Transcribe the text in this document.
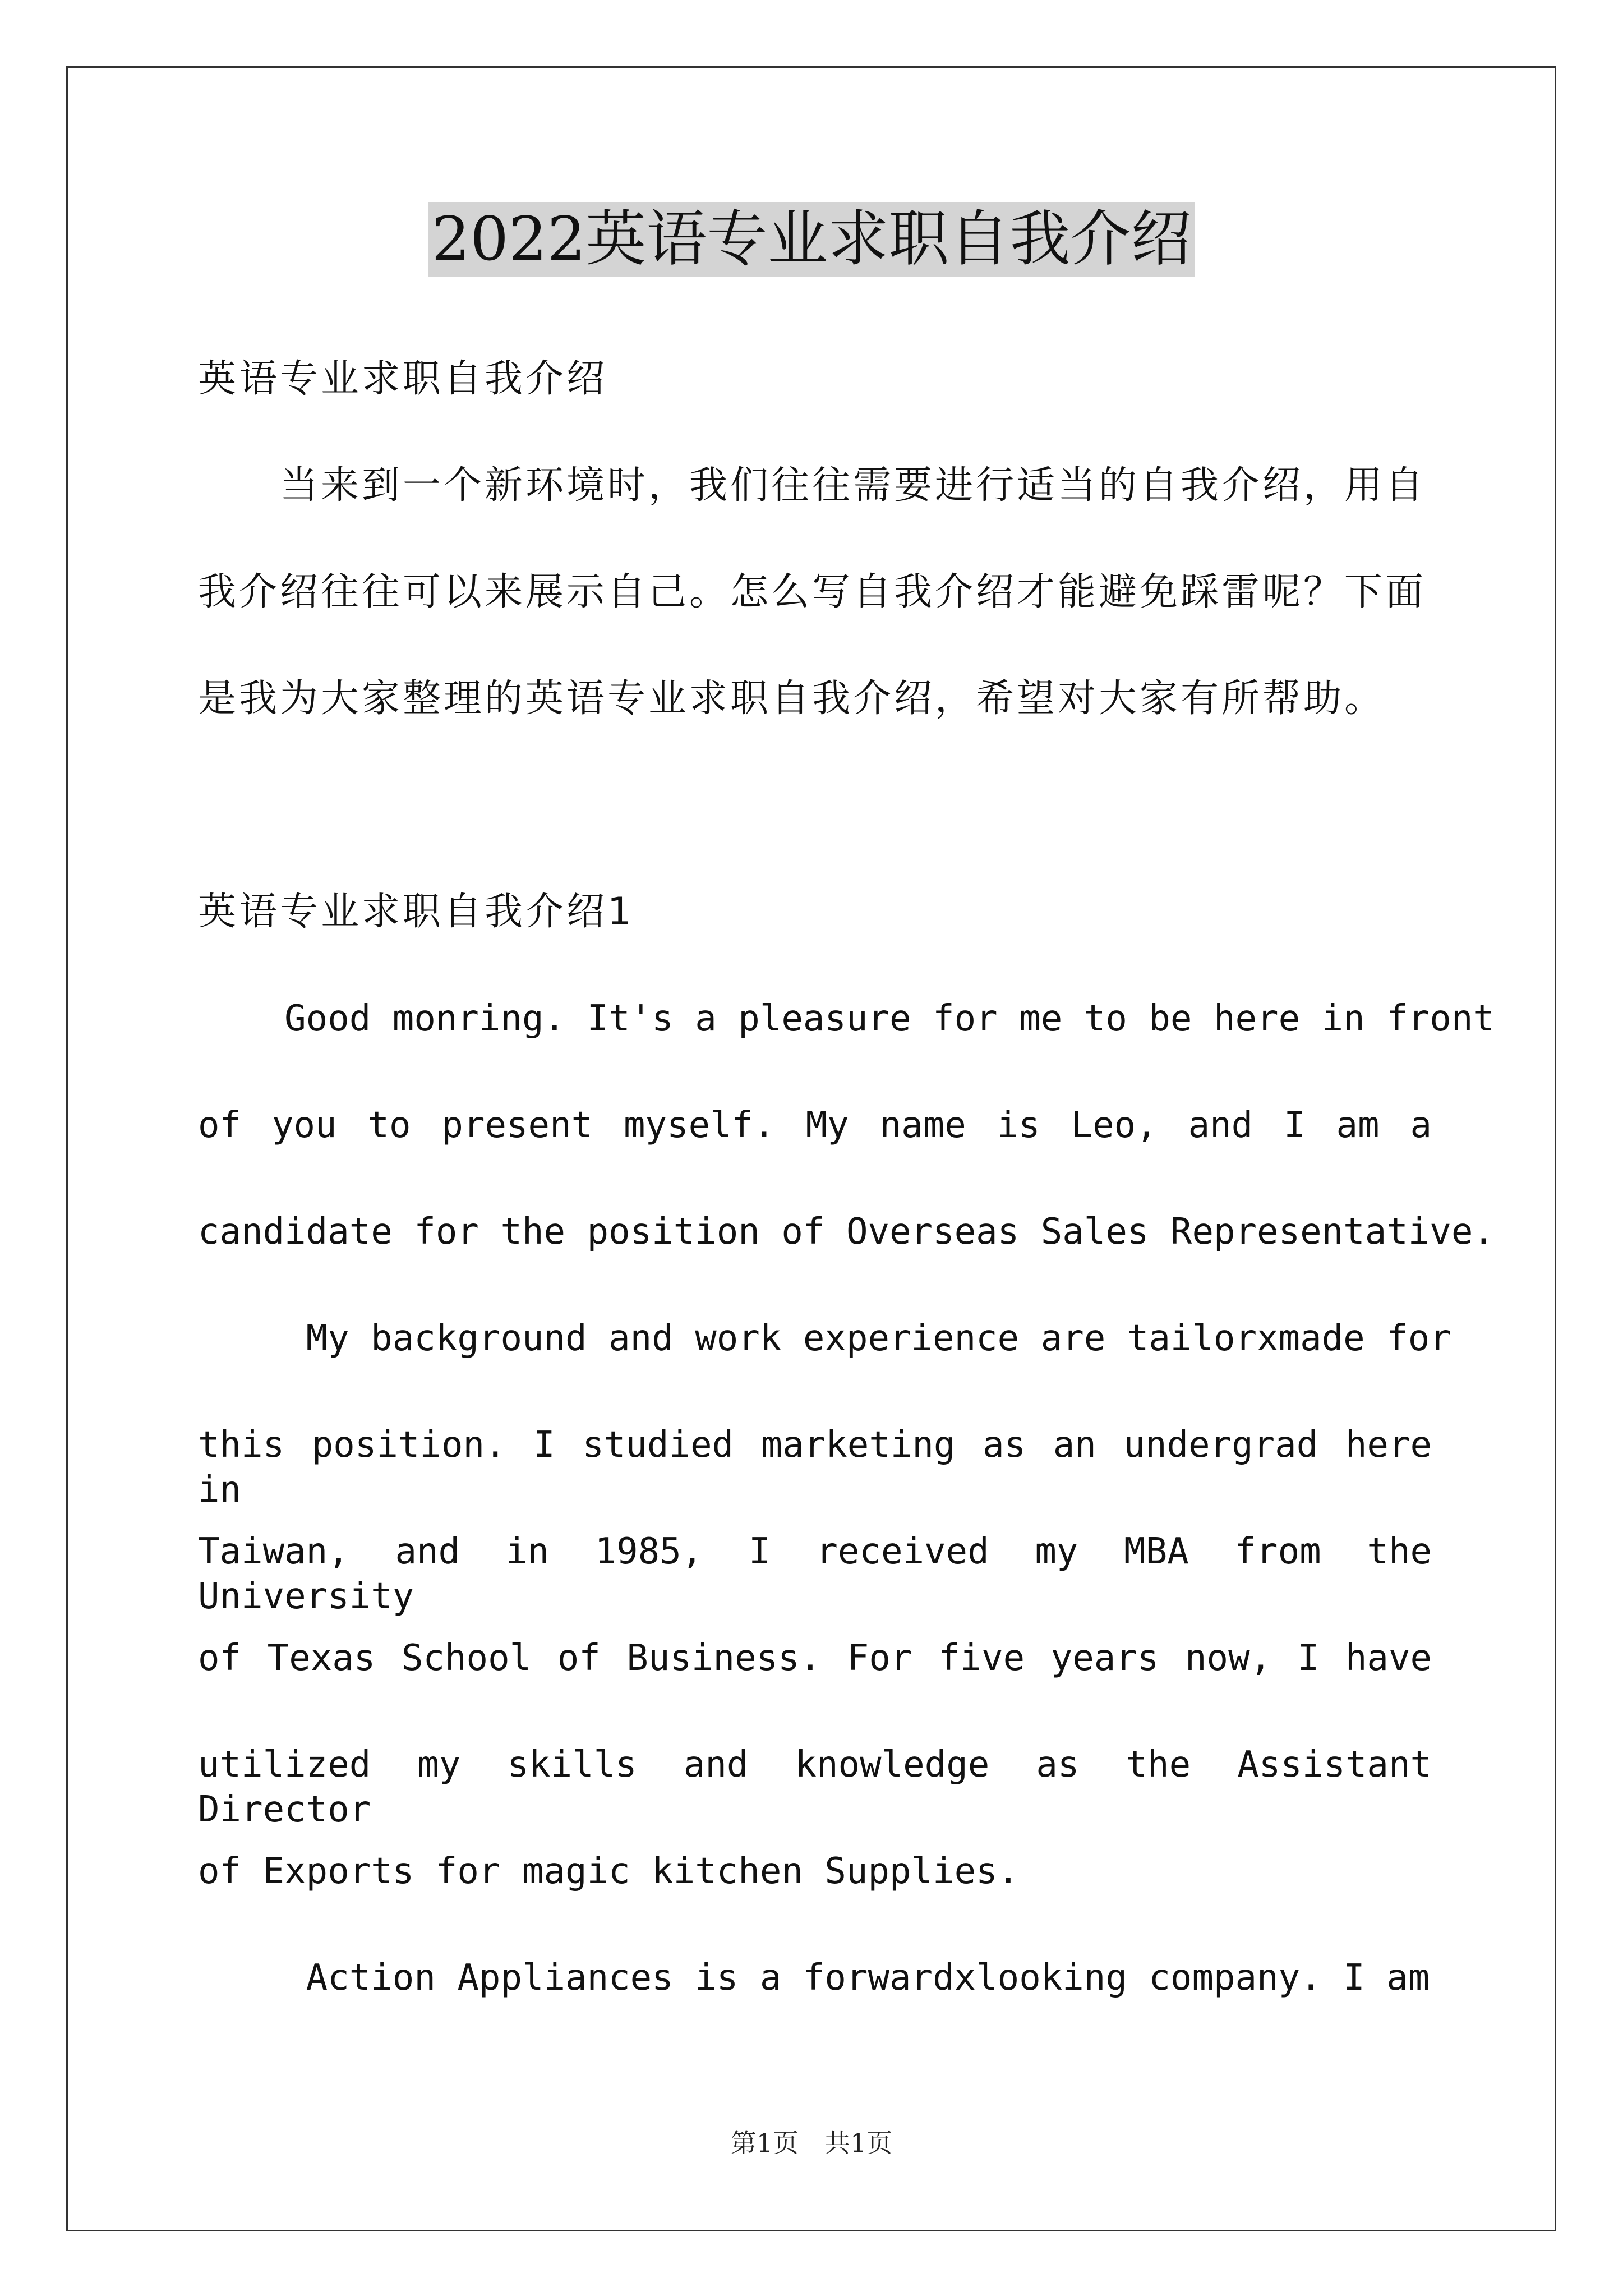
2022英语专业求职自我介绍
英语专业求职自我介绍
　　当来到一个新环境时，我们往往需要进行适当的自我介绍，用自
我介绍往往可以来展示自己。怎么写自我介绍才能避免踩雷呢？下面
是我为大家整理的英语专业求职自我介绍，希望对大家有所帮助。
英语专业求职自我介绍1
Good monring. It's a pleasure for me to be here in front
of you to present myself. My name is Leo, and I am a
candidate for the position of Overseas Sales Representative.
My background and work experience are tailorxmade for
this position. I studied marketing as an undergrad here in
Taiwan, and in 1985, I received my MBA from the University
of Texas School of Business. For five years now, I have
utilized my skills and knowledge as the Assistant Director
of Exports for magic kitchen Supplies.
Action Appliances is a forwardxlooking company. I am
第1页　共1页
